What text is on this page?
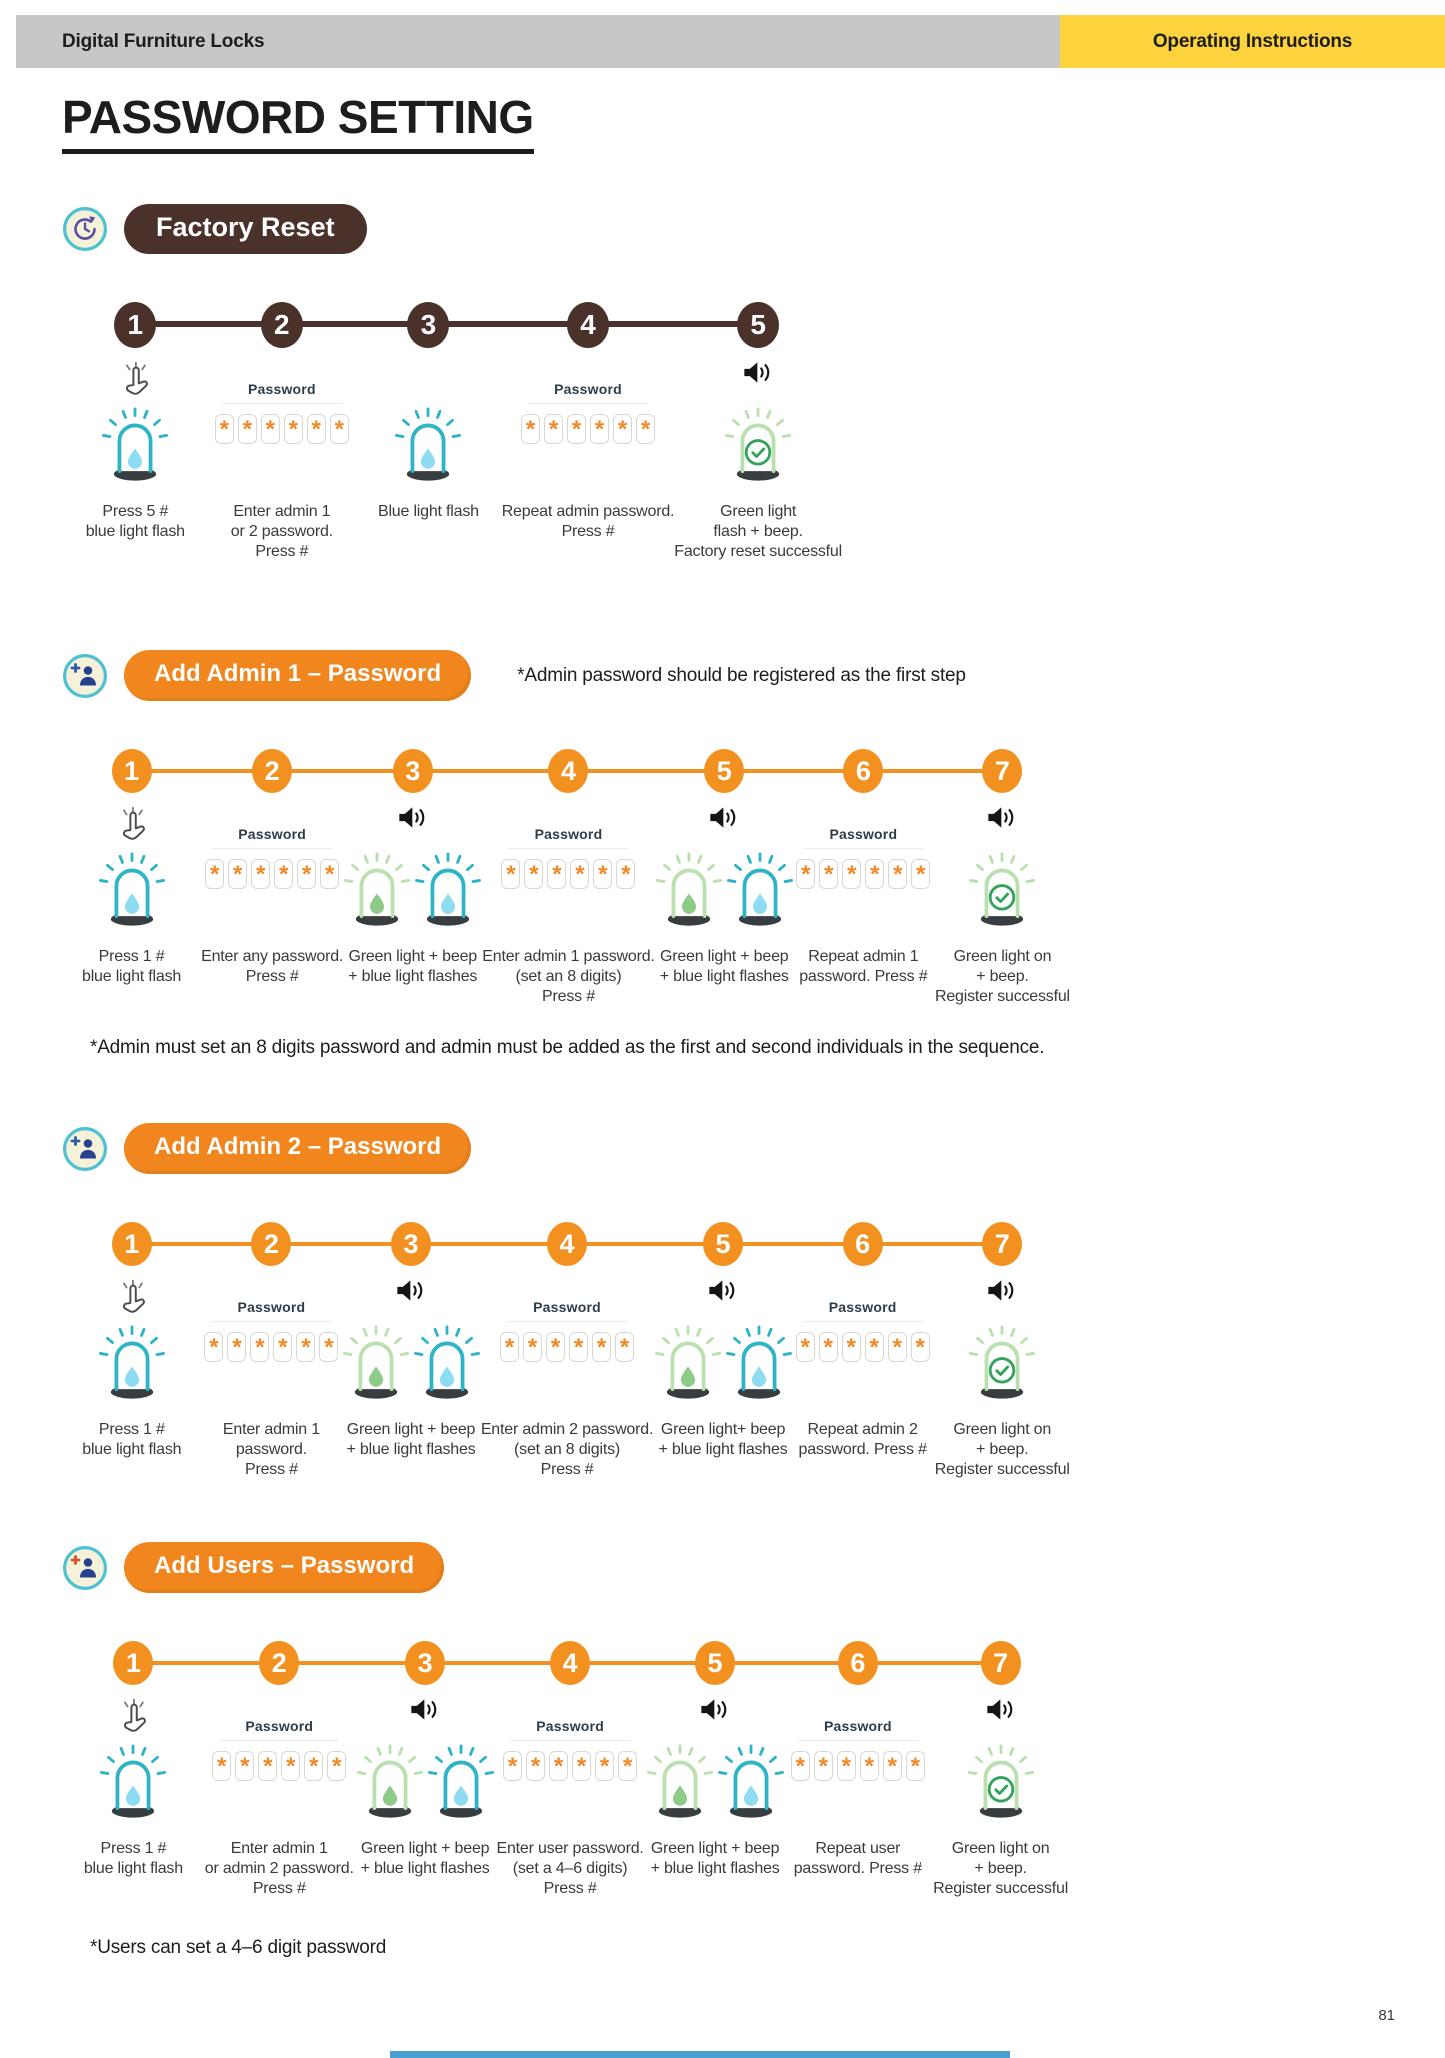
Digital Furniture Locks	Operating Instructions
PASSWORD SETTING
Factory Reset
1
Press 5 #
blue light flash
2
Password
* * * * * *
Enter admin 1
or 2 password.
Press #
3
Blue light flash
4
Password
* * * * * *
Repeat admin password.
Press #
5
Green light
flash + beep.
Factory reset successful
Add Admin 1 – Password	*Admin password should be registered as the first step
1
Press 1 #
blue light flash
2
Password
* * * * * *
Enter any password.
Press #
3
Green light + beep
+ blue light flashes
4
Password
* * * * * *
Enter admin 1 password.
(set an 8 digits)
Press #
5
Green light + beep
+ blue light flashes
6
Password
* * * * * *
Repeat admin 1
password. Press #
7
Green light on
+ beep.
Register successful
*Admin must set an 8 digits password and admin must be added as the first and second individuals in the sequence.
Add Admin 2 – Password
1
Press 1 #
blue light flash
2
Password
* * * * * *
Enter admin 1
password.
Press #
3
Green light + beep
+ blue light flashes
4
Password
* * * * * *
Enter admin 2 password.
(set an 8 digits)
Press #
5
Green light+ beep
+ blue light flashes
6
Password
* * * * * *
Repeat admin 2
password. Press #
7
Green light on
+ beep.
Register successful
Add Users – Password
1
Press 1 #
blue light flash
2
Password
* * * * * *
Enter admin 1
or admin 2 password.
Press #
3
Green light + beep
+ blue light flashes
4
Password
* * * * * *
Enter user password.
(set a 4–6 digits)
Press #
5
Green light + beep
+ blue light flashes
6
Password
* * * * * *
Repeat user
password. Press #
7
Green light on
+ beep.
Register successful
*Users can set a 4–6 digit password
81
